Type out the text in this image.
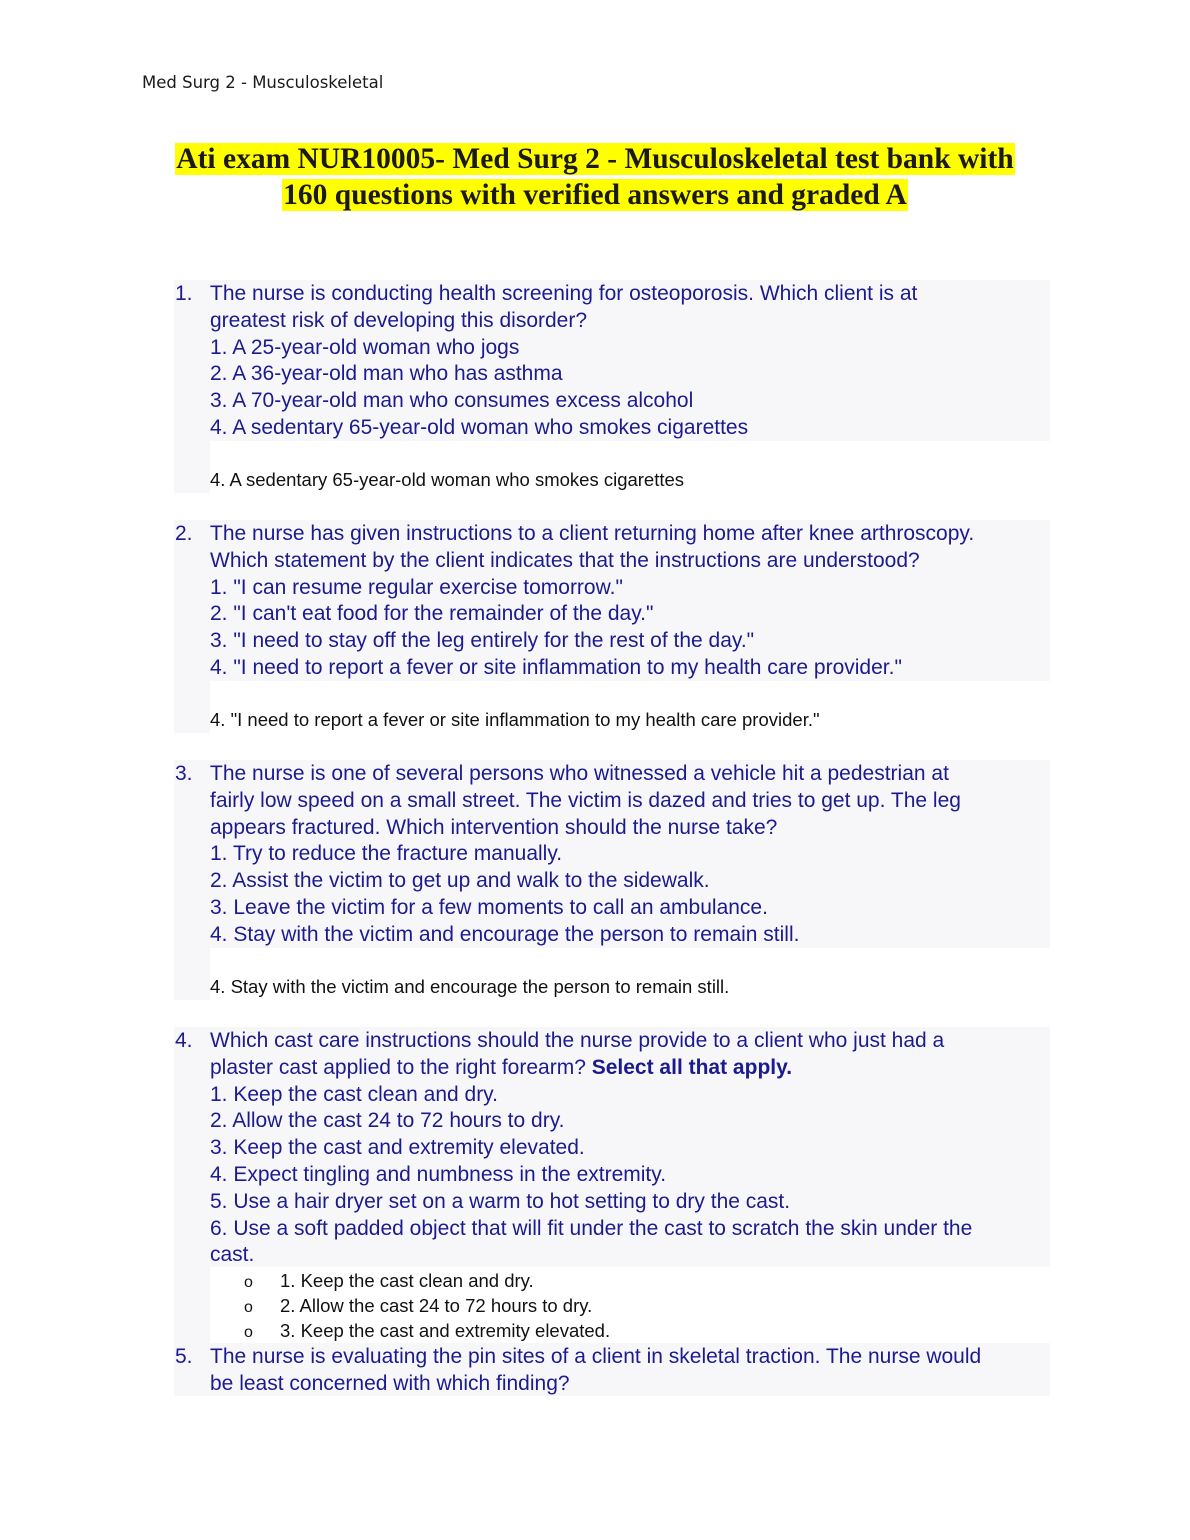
Med Surg 2 - Musculoskeletal
Ati exam NUR10005- Med Surg 2 - Musculoskeletal test bank with
160 questions with verified answers and graded A
1. The nurse is conducting health screening for osteoporosis. Which client is at
greatest risk of developing this disorder?
1. A 25-year-old woman who jogs
2. A 36-year-old man who has asthma
3. A 70-year-old man who consumes excess alcohol
4. A sedentary 65-year-old woman who smokes cigarettes
4. A sedentary 65-year-old woman who smokes cigarettes
2. The nurse has given instructions to a client returning home after knee arthroscopy.
Which statement by the client indicates that the instructions are understood?
1. "I can resume regular exercise tomorrow."
2. "I can't eat food for the remainder of the day."
3. "I need to stay off the leg entirely for the rest of the day."
4. "I need to report a fever or site inflammation to my health care provider."
4. "I need to report a fever or site inflammation to my health care provider."
3. The nurse is one of several persons who witnessed a vehicle hit a pedestrian at
fairly low speed on a small street. The victim is dazed and tries to get up. The leg
appears fractured. Which intervention should the nurse take?
1. Try to reduce the fracture manually.
2. Assist the victim to get up and walk to the sidewalk.
3. Leave the victim for a few moments to call an ambulance.
4. Stay with the victim and encourage the person to remain still.
4. Stay with the victim and encourage the person to remain still.
4. Which cast care instructions should the nurse provide to a client who just had a
plaster cast applied to the right forearm? Select all that apply.
1. Keep the cast clean and dry.
2. Allow the cast 24 to 72 hours to dry.
3. Keep the cast and extremity elevated.
4. Expect tingling and numbness in the extremity.
5. Use a hair dryer set on a warm to hot setting to dry the cast.
6. Use a soft padded object that will fit under the cast to scratch the skin under the
cast.
o 1. Keep the cast clean and dry.
o 2. Allow the cast 24 to 72 hours to dry.
o 3. Keep the cast and extremity elevated.
5. The nurse is evaluating the pin sites of a client in skeletal traction. The nurse would
be least concerned with which finding?
